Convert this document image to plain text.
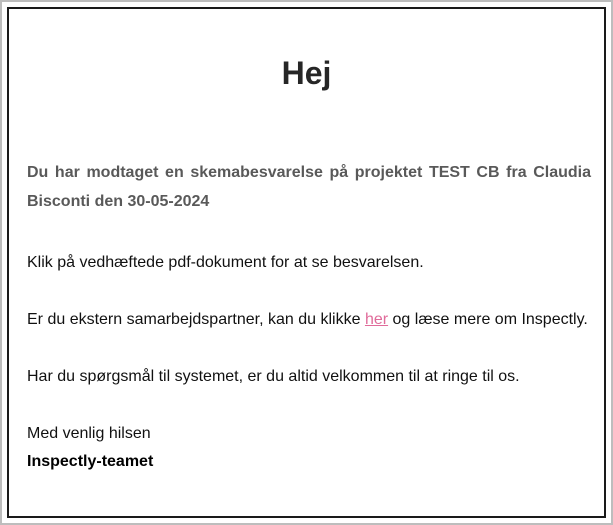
Hej

Du har modtaget en skemabesvarelse på projektet TEST CB fra Claudia Bisconti den 30-05-2024

Klik på vedhæftede pdf-dokument for at se besvarelsen.

Er du ekstern samarbejdspartner, kan du klikke her og læse mere om Inspectly.

Har du spørgsmål til systemet, er du altid velkommen til at ringe til os.

Med venlig hilsen

Inspectly-teamet
